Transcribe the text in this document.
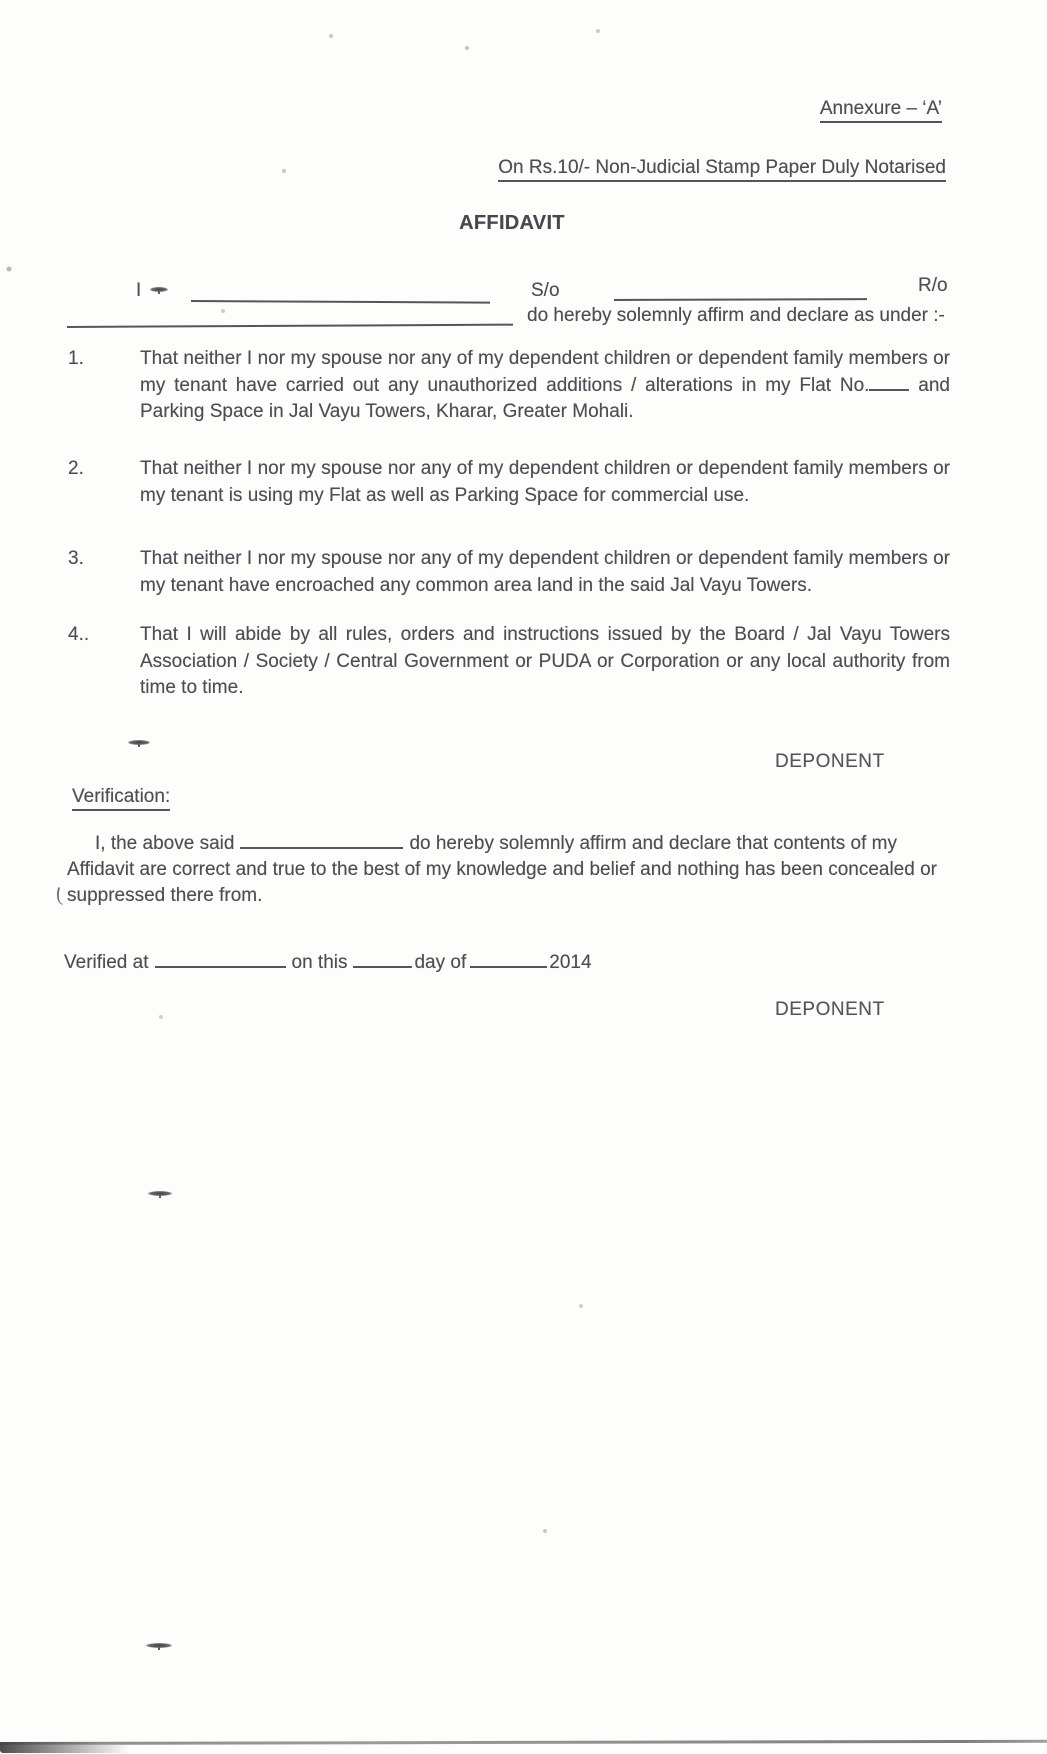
Annexure – ‘A’
On Rs.10/- Non-Judicial Stamp Paper Duly Notarised
AFFIDAVIT
I	S/o	R/o
do hereby solemnly affirm and declare as under :-
1.	That neither I nor my spouse nor any of my dependent children or dependent family members or my tenant have carried out any unauthorized additions / alterations in my Flat No.	and Parking Space in Jal Vayu Towers, Kharar, Greater Mohali.
2.	That neither I nor my spouse nor any of my dependent children or dependent family members or my tenant is using my Flat as well as Parking Space for commercial use.
3.	That neither I nor my spouse nor any of my dependent children or dependent family members or my tenant have encroached any common area land in the said Jal Vayu Towers.
4..	That I will abide by all rules, orders and instructions issued by the Board / Jal Vayu Towers Association / Society / Central Government or PUDA or Corporation or any local authority from time to time.
DEPONENT
Verification:
I, the above said	do hereby solemnly affirm and declare that contents of my Affidavit are correct and true to the best of my knowledge and belief and nothing has been concealed or suppressed there from.
Verified at	on this	day of	2014
DEPONENT
